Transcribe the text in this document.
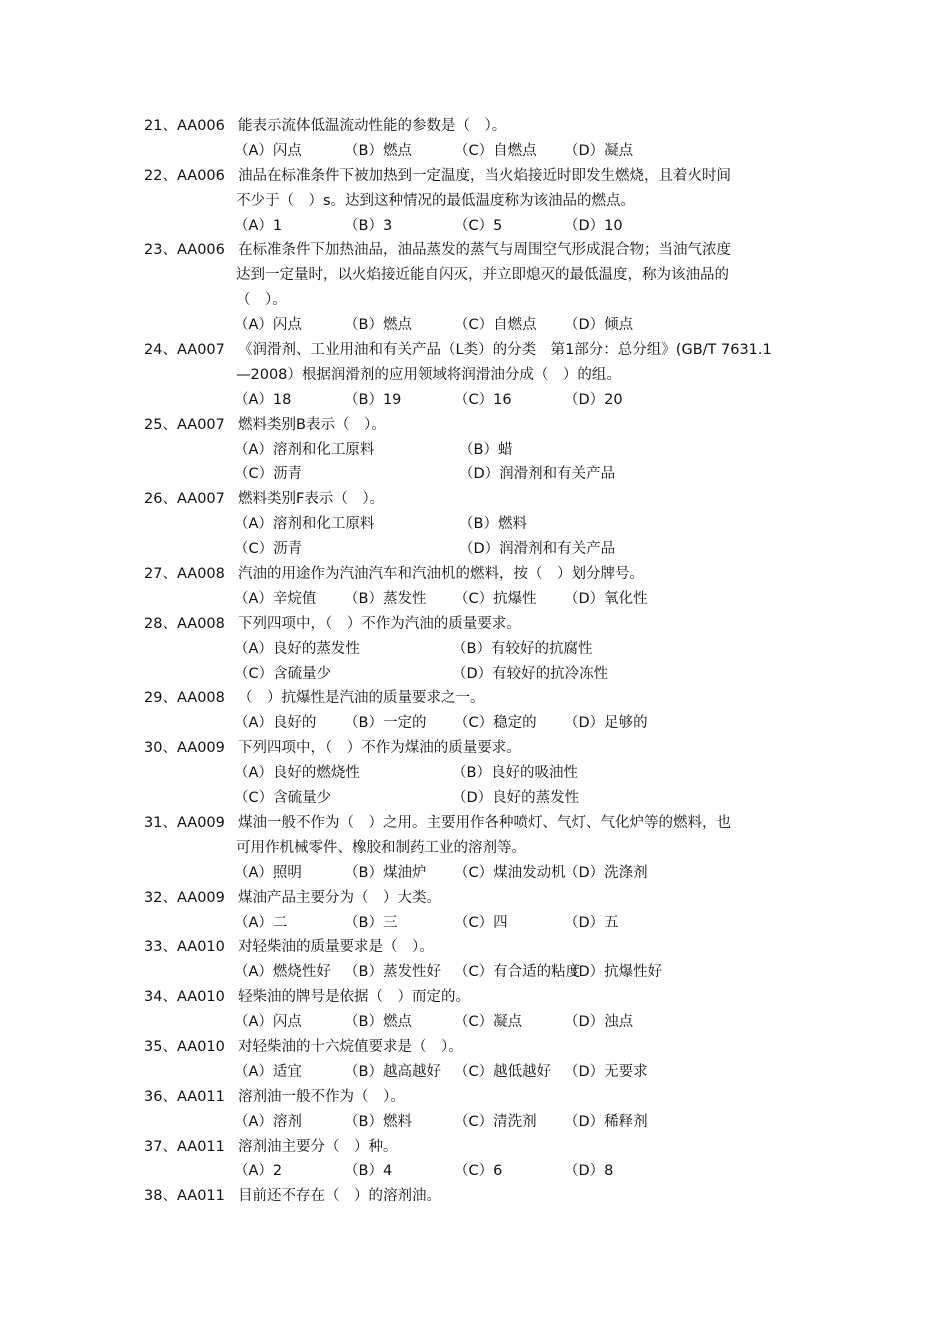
21、AA006 能表示流体低温流动性能的参数是（　）。
（A）闪点	（B）燃点	（C）自燃点 （D）凝点
22、AA006 油品在标准条件下被加热到一定温度，当火焰接近时即发生燃烧，且着火时间
不少于（　）s。达到这种情况的最低温度称为该油品的燃点。
（A）1	（B）3	（C）5	（D）10
23、AA006 在标准条件下加热油品，油品蒸发的蒸气与周围空气形成混合物；当油气浓度
达到一定量时，以火焰接近能自闪灭，并立即熄灭的最低温度，称为该油品的
（　）。
（A）闪点	（B）燃点	（C）自燃点 （D）倾点
24、AA007 《润滑剂、工业用油和有关产品（L类）的分类　第1部分：总分组》(GB/T 7631.1
—2008）根据润滑剂的应用领域将润滑油分成（　）的组。
（A）18	（B）19	（C）16	（D）20
25、AA007 燃料类别B表示（　）。
（A）溶剂和化工原料	（B）蜡
（C）沥青	（D）润滑剂和有关产品
26、AA007 燃料类别F表示（　）。
（A）溶剂和化工原料	（B）燃料
（C）沥青	（D）润滑剂和有关产品
27、AA008 汽油的用途作为汽油汽车和汽油机的燃料，按（　）划分牌号。
（A）辛烷值 （B）蒸发性 （C）抗爆性 （D）氧化性
28、AA008 下列四项中，（　）不作为汽油的质量要求。
（A）良好的蒸发性	（B）有较好的抗腐性
（C）含硫量少	（D）有较好的抗冷冻性
29、AA008 （　）抗爆性是汽油的质量要求之一。
（A）良好的 （B）一定的 （C）稳定的 （D）足够的
30、AA009 下列四项中，（　）不作为煤油的质量要求。
（A）良好的燃烧性	（B）良好的吸油性
（C）含硫量少	（D）良好的蒸发性
31、AA009 煤油一般不作为（　）之用。主要用作各种喷灯、气灯、气化炉等的燃料，也
可用作机械零件、橡胶和制药工业的溶剂等。
（A）照明	（B）煤油炉 （C）煤油发动机
（D）洗涤剂
32、AA009 煤油产品主要分为（　）大类。
（A）二	（B）三	（C）四	（D）五
33、AA010 对轻柴油的质量要求是（　）。
（A）燃烧性好 （B）蒸发性好 （C）有合适的粘度
（D）抗爆性好
34、AA010 轻柴油的牌号是依据（　）而定的。
（A）闪点	（B）燃点	（C）凝点	（D）浊点
35、AA010 对轻柴油的十六烷值要求是（　）。
（A）适宜	（B）越高越好 （C）越低越好 （D）无要求
36、AA011 溶剂油一般不作为（　）。
（A）溶剂	（B）燃料	（C）清洗剂 （D）稀释剂
37、AA011 溶剂油主要分（　）种。
（A）2	（B）4	（C）6	（D）8
38、AA011 目前还不存在（　）的溶剂油。
